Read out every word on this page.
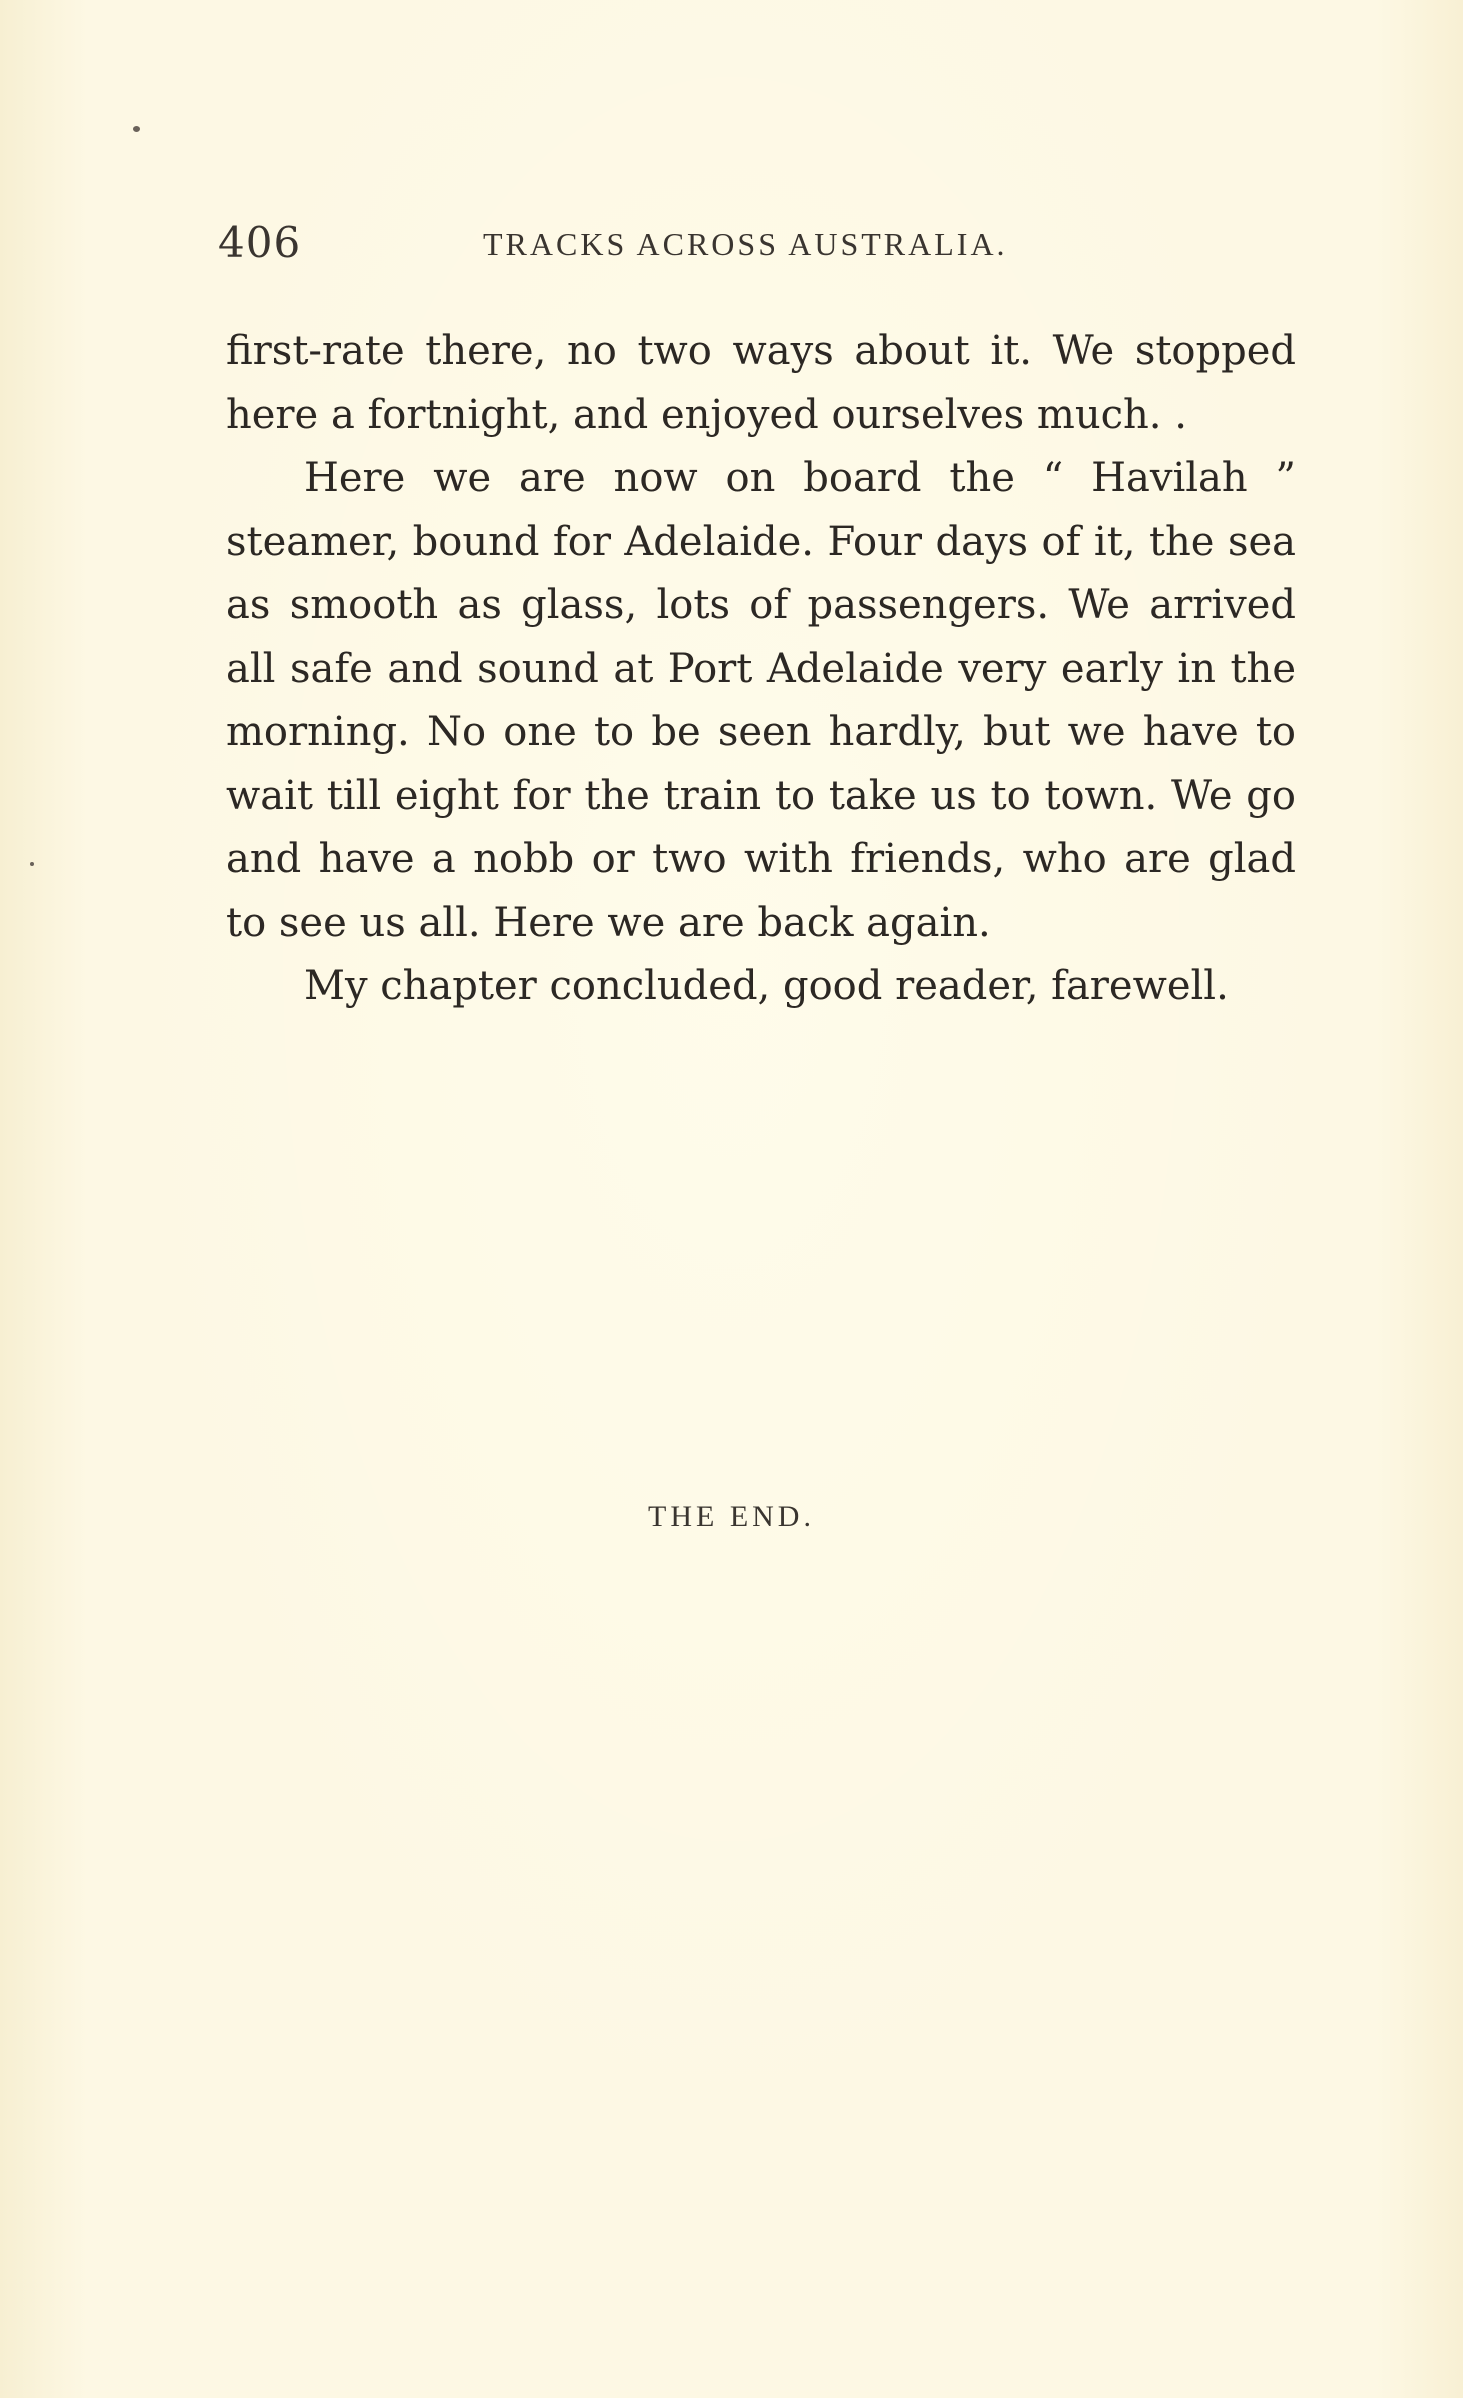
406	TRACKS ACROSS AUSTRALIA.

first-rate there, no two ways about it. We stopped here a fortnight, and enjoyed ourselves much. .

Here we are now on board the “ Havilah ” steamer, bound for Adelaide. Four days of it, the sea as smooth as glass, lots of passengers. We arrived all safe and sound at Port Adelaide very early in the morning. No one to be seen hardly, but we have to wait till eight for the train to take us to town. We go and have a nobb or two with friends, who are glad to see us all. Here we are back again.

My chapter concluded, good reader, farewell.

THE END.
